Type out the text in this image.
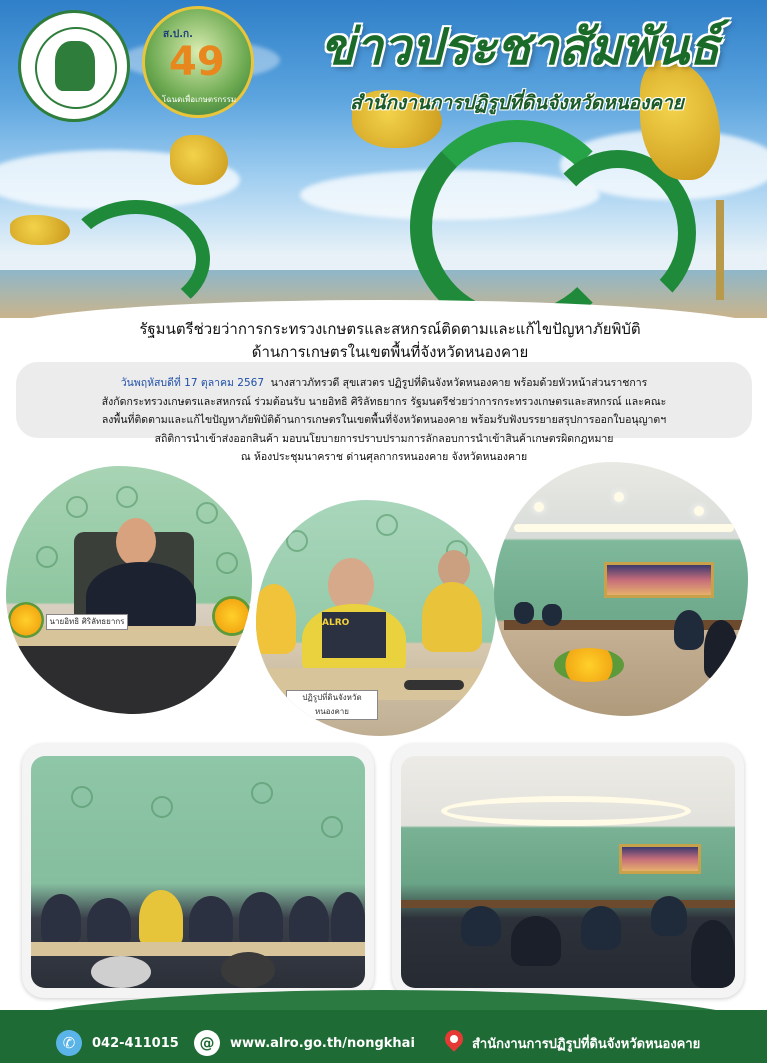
ส.ป.ก.
49
โฉนดเพื่อเกษตรกรรม
ข่าวประชาสัมพันธ์
สำนักงานการปฏิรูปที่ดินจังหวัดหนองคาย
รัฐมนตรีช่วยว่าการกระทรวงเกษตรและสหกรณ์ติดตามและแก้ไขปัญหาภัยพิบัติ
ด้านการเกษตรในเขตพื้นที่จังหวัดหนองคาย
วันพฤหัสบดีที่ 17 ตุลาคม 2567 นางสาวภัทรวดี สุขเสวตร ปฏิรูปที่ดินจังหวัดหนองคาย พร้อมด้วยหัวหน้าส่วนราชการ
สังกัดกระทรวงเกษตรและสหกรณ์ ร่วมต้อนรับ นายอิทธิ ศิริลัทธยากร รัฐมนตรีช่วยว่าการกระทรวงเกษตรและสหกรณ์ และคณะ
ลงพื้นที่ติดตามและแก้ไขปัญหาภัยพิบัติด้านการเกษตรในเขตพื้นที่จังหวัดหนองคาย พร้อมรับฟังบรรยายสรุปการออกใบอนุญาตฯ
สถิติการนำเข้าส่งออกสินค้า มอบนโยบายการปราบปรามการลักลอบการนำเข้าสินค้าเกษตรผิดกฎหมาย
ณ ห้องประชุมนาคราช ด่านศุลกากรหนองคาย จังหวัดหนองคาย
นายอิทธิ ศิริลัทธยากร	ALRO
ปฏิรูปที่ดินจังหวัดหนองคาย
✆	042-411015	@	www.alro.go.th/nongkhai	สำนักงานการปฏิรูปที่ดินจังหวัดหนองคาย
